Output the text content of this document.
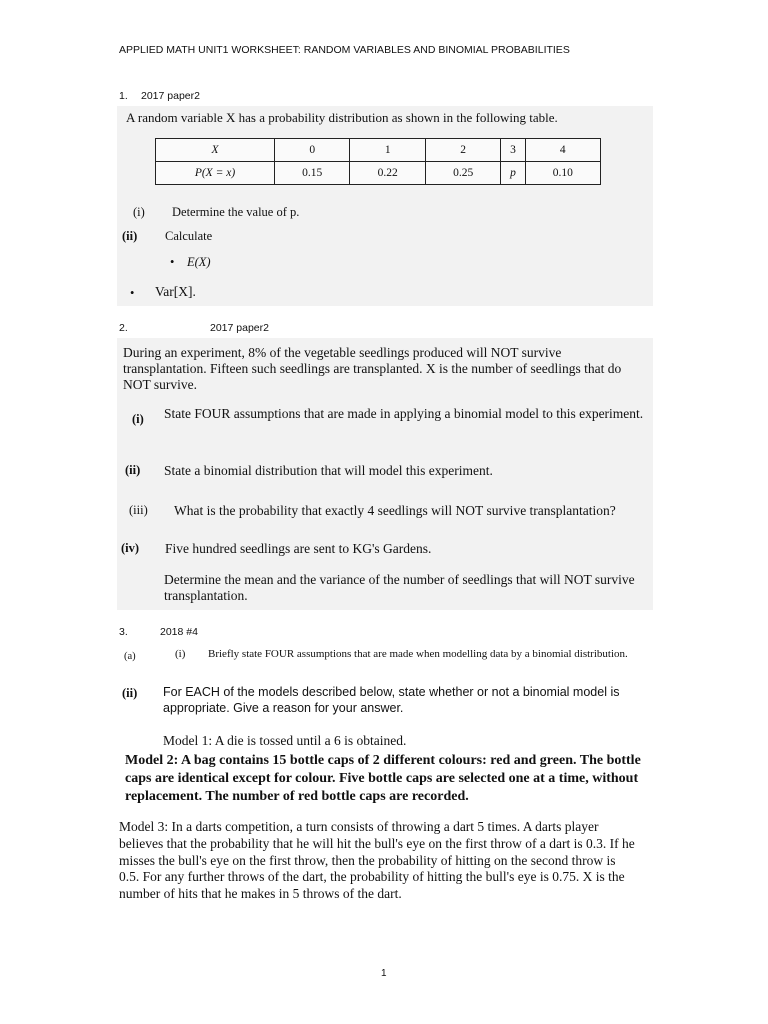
APPLIED MATH UNIT1 WORKSHEET: RANDOM VARIABLES AND BINOMIAL PROBABILITIES
1. 2017 paper2
A random variable X has a probability distribution as shown in the following table.
X	0	1	2	3	4
P(X = x)	0.15	0.22	0.25	p	0.10
(i) Determine the value of p.
(ii) Calculate
• E(X)
• Var[X].
2.	2017 paper2
During an experiment, 8% of the vegetable seedlings produced will NOT survive transplantation. Fifteen such seedlings are transplanted. X is the number of seedlings that do NOT survive.
(i) State FOUR assumptions that are made in applying a binomial model to this experiment.
(ii) State a binomial distribution that will model this experiment.
(iii) What is the probability that exactly 4 seedlings will NOT survive transplantation?
(iv) Five hundred seedlings are sent to KG's Gardens.
Determine the mean and the variance of the number of seedlings that will NOT survive transplantation.
3.	2018 #4
(a)	(i) Briefly state FOUR assumptions that are made when modelling data by a binomial distribution.
(ii) For EACH of the models described below, state whether or not a binomial model is appropriate. Give a reason for your answer.
Model 1: A die is tossed until a 6 is obtained.
Model 2: A bag contains 15 bottle caps of 2 different colours: red and green. The bottle caps are identical except for colour. Five bottle caps are selected one at a time, without replacement. The number of red bottle caps are recorded.
Model 3: In a darts competition, a turn consists of throwing a dart 5 times. A darts player believes that the probability that he will hit the bull's eye on the first throw of a dart is 0.3. If he misses the bull's eye on the first throw, then the probability of hitting on the second throw is 0.5. For any further throws of the dart, the probability of hitting the bull's eye is 0.75. X is the number of hits that he makes in 5 throws of the dart.
1
